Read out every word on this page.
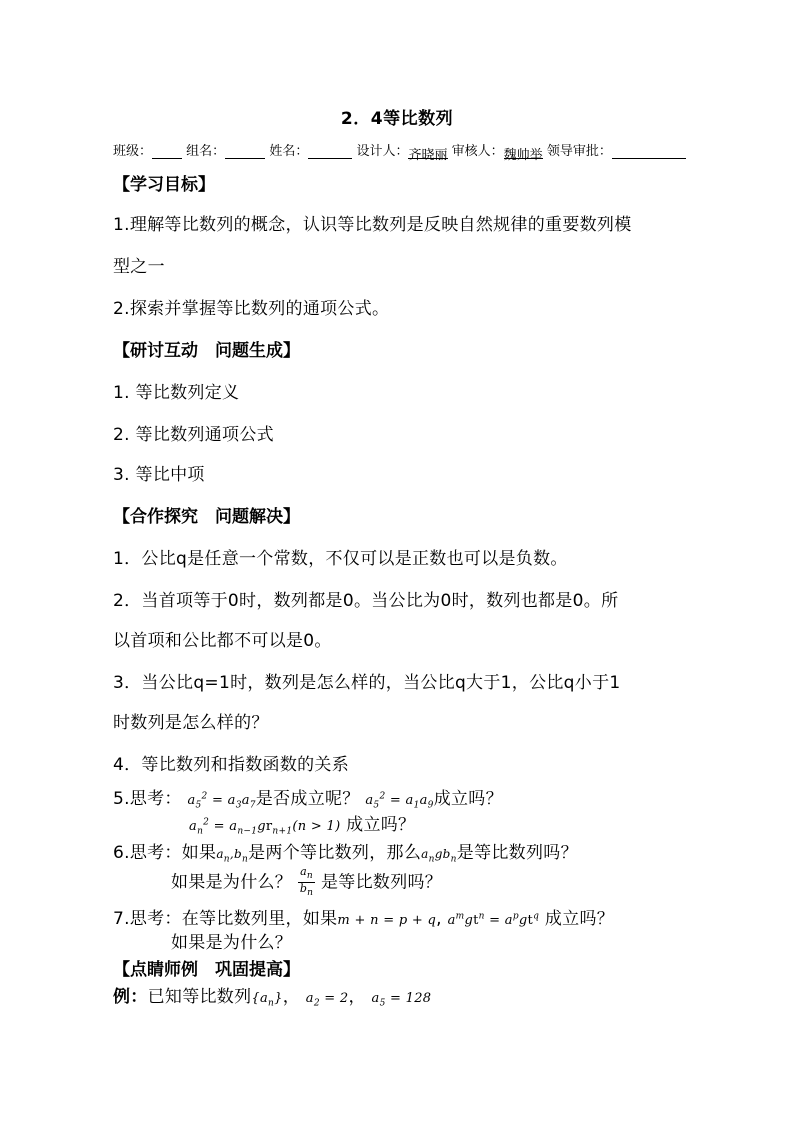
2．4等比数列
班级：	组名：	姓名：	设计人：齐晓丽 审核人：魏帅举 领导审批：
【学习目标】
1.理解等比数列的概念，认识等比数列是反映自然规律的重要数列模
型之一
2.探索并掌握等比数列的通项公式。
【研讨互动　问题生成】
1. 等比数列定义
2. 等比数列通项公式
3. 等比中项
【合作探究　问题解决】
1．公比q是任意一个常数，不仅可以是正数也可以是负数。
2．当首项等于0时，数列都是0。当公比为0时，数列也都是0。所
以首项和公比都不可以是0。
3．当公比q=1时，数列是怎么样的，当公比q大于1，公比q小于1
时数列是怎么样的？
4．等比数列和指数函数的关系
5.思考： $a_5^2 = a_3a_7$是否成立呢？ $a_5^2 = a_1a_9$成立吗？
$a_n^2 = a_{n-1}gr_{n+1}(n > 1)$ 成立吗？
6.思考：如果$a_n,b_n$是两个等比数列，那么$a_ngb_n$是等比数列吗？
如果是为什么？ $\frac{a_n}{b_n}$ 是等比数列吗？
7.思考：在等比数列里，如果m + n = p + q, $a^mgt^n = a^pgt^q$ 成立吗？
如果是为什么？
【点睛师例　巩固提高】
例：已知等比数列$\{a_n\}$， $a_2 = 2$， $a_5 = 128$
